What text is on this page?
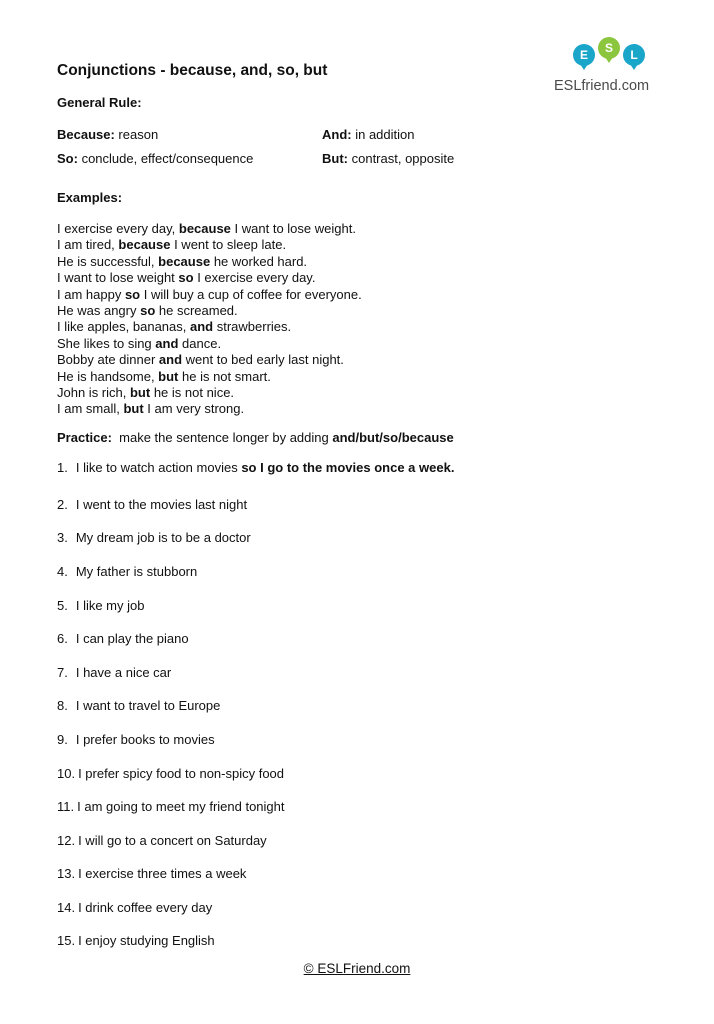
E	S	L
ESLfriend.com
Conjunctions - because, and, so, but
General Rule:
Because: reason	And: in addition
So: conclude, effect/consequence	But: contrast, opposite
Examples:
I exercise every day, because I want to lose weight.
I am tired, because I went to sleep late.
He is successful, because he worked hard.
I want to lose weight so I exercise every day.
I am happy so I will buy a cup of coffee for everyone.
He was angry so he screamed.
I like apples, bananas, and strawberries.
She likes to sing and dance.
Bobby ate dinner and went to bed early last night.
He is handsome, but he is not smart.
John is rich, but he is not nice.
I am small, but I am very strong.
Practice:  make the sentence longer by adding and/but/so/because
1. I like to watch action movies so I go to the movies once a week.
2. I went to the movies last night
3. My dream job is to be a doctor
4. My father is stubborn
5. I like my job
6. I can play the piano
7. I have a nice car
8. I want to travel to Europe
9. I prefer books to movies
10. I prefer spicy food to non-spicy food
11. I am going to meet my friend tonight
12. I will go to a concert on Saturday
13. I exercise three times a week
14. I drink coffee every day
15. I enjoy studying English
© ESLFriend.com
